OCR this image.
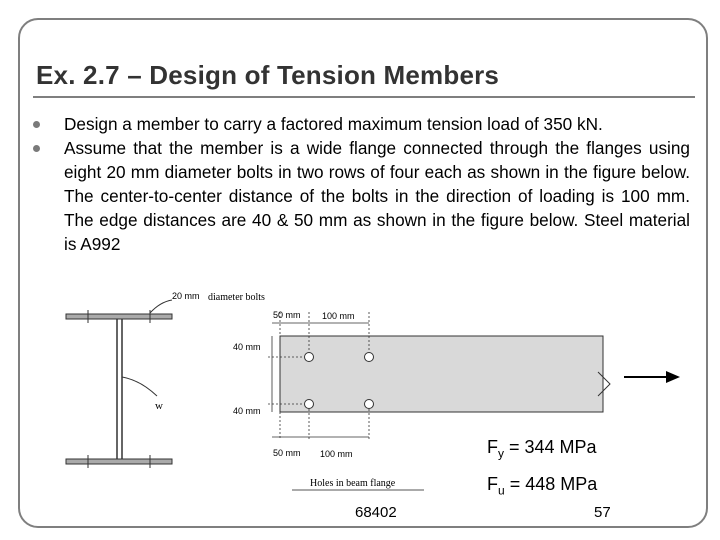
Ex. 2.7 – Design of Tension Members
Design a member to carry a factored maximum tension load of 350 kN.
Assume that the member is a wide flange connected through the flanges using eight 20 mm diameter bolts in two rows of four each as shown in the figure below. The center-to-center distance of the bolts in the direction of loading is 100 mm. The edge distances are 40 & 50 mm as shown in the figure below. Steel material is A992
20 mm diameter bolts
w
50 mm 100 mm
40 mm
40 mm
50 mm 100 mm
Holes in beam flange
$F_y = 344$ MPa
$F_u = 448$ MPa
68402	57
